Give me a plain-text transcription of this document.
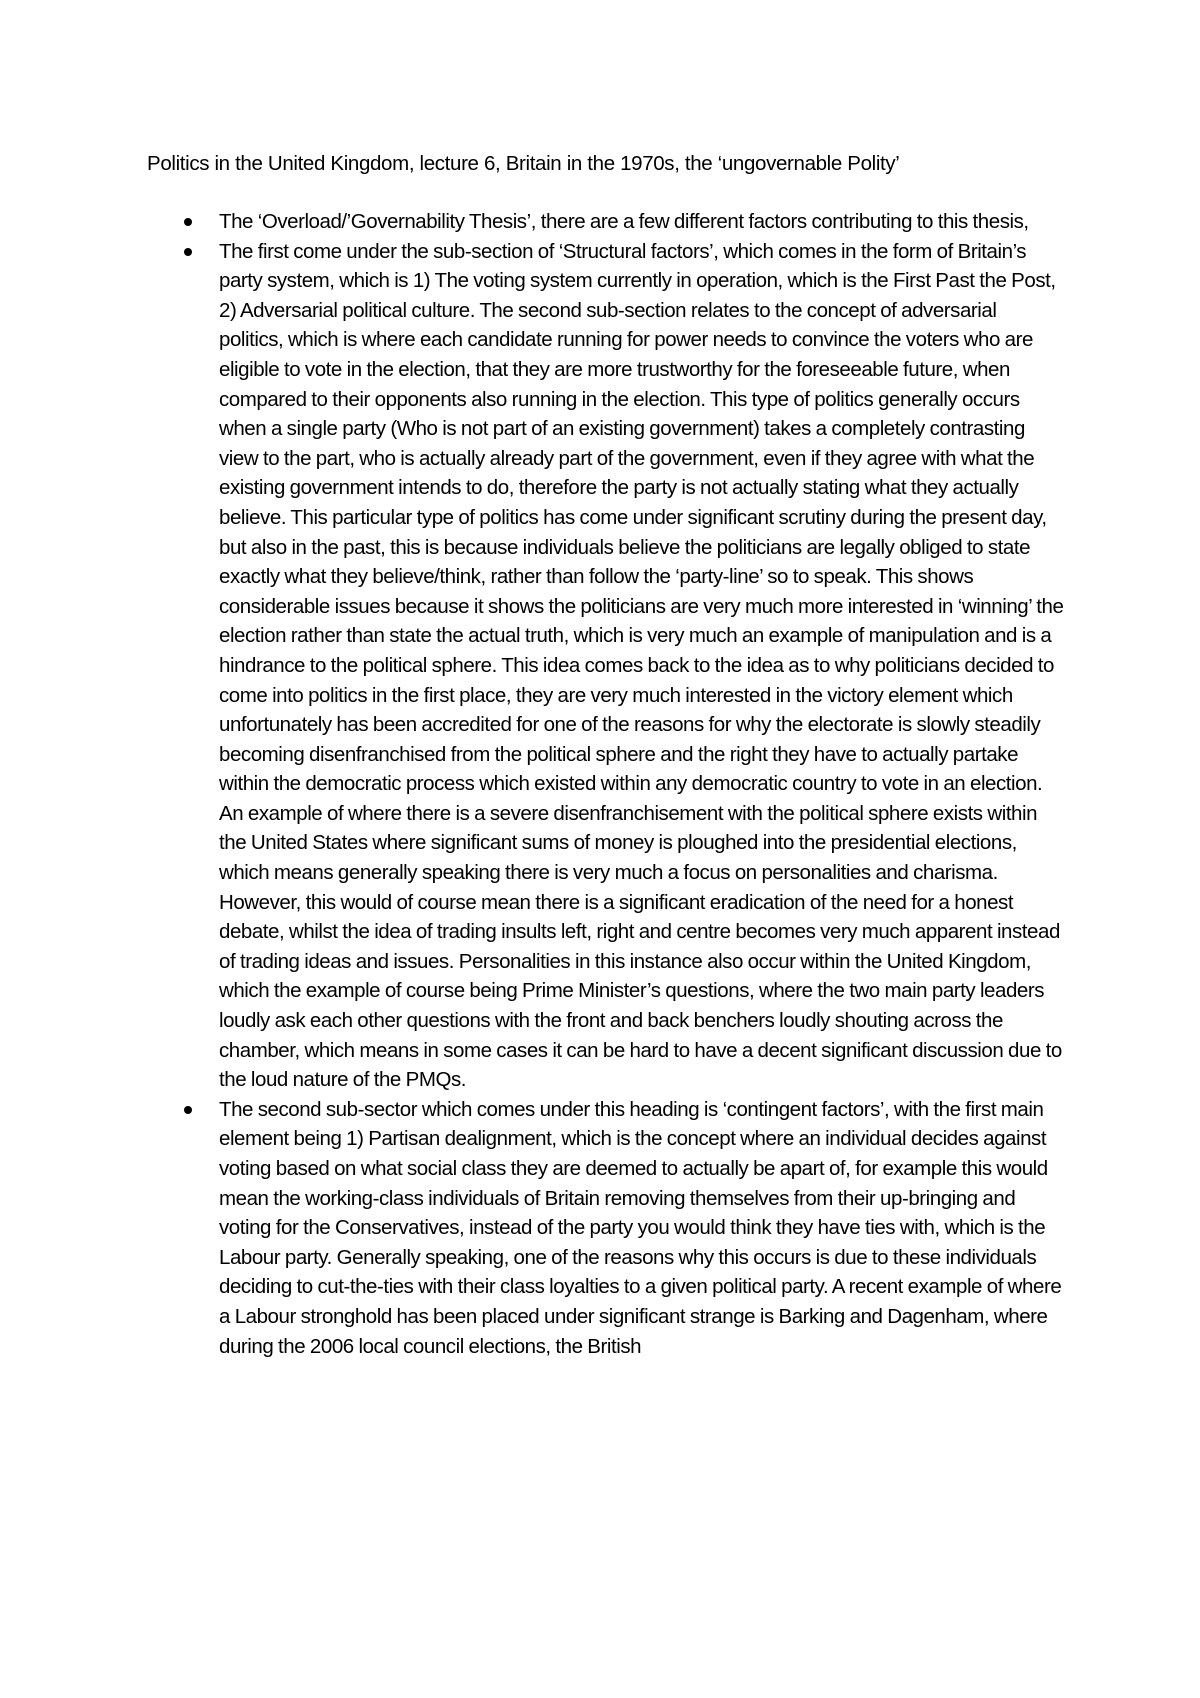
Politics in the United Kingdom, lecture 6, Britain in the 1970s, the ‘ungovernable Polity’
The ‘Overload/’Governability Thesis’, there are a few different factors contributing to this thesis,
The first come under the sub-section of ‘Structural factors’, which comes in the form of Britain’s party system, which is 1) The voting system currently in operation, which is the First Past the Post, 2) Adversarial political culture. The second sub-section relates to the concept of adversarial politics, which is where each candidate running for power needs to convince the voters who are eligible to vote in the election, that they are more trustworthy for the foreseeable future, when compared to their opponents also running in the election. This type of politics generally occurs when a single party (Who is not part of an existing government) takes a completely contrasting view to the part, who is actually already part of the government, even if they agree with what the existing government intends to do, therefore the party is not actually stating what they actually believe. This particular type of politics has come under significant scrutiny during the present day, but also in the past, this is because individuals believe the politicians are legally obliged to state exactly what they believe/think, rather than follow the ‘party-line’ so to speak. This shows considerable issues because it shows the politicians are very much more interested in ‘winning’ the election rather than state the actual truth, which is very much an example of manipulation and is a hindrance to the political sphere. This idea comes back to the idea as to why politicians decided to come into politics in the first place, they are very much interested in the victory element which unfortunately has been accredited for one of the reasons for why the electorate is slowly steadily becoming disenfranchised from the political sphere and the right they have to actually partake within the democratic process which existed within any democratic country to vote in an election. An example of where there is a severe disenfranchisement with the political sphere exists within the United States where significant sums of money is ploughed into the presidential elections, which means generally speaking there is very much a focus on personalities and charisma. However, this would of course mean there is a significant eradication of the need for a honest debate, whilst the idea of trading insults left, right and centre becomes very much apparent instead of trading ideas and issues. Personalities in this instance also occur within the United Kingdom, which the example of course being Prime Minister’s questions, where the two main party leaders loudly ask each other questions with the front and back benchers loudly shouting across the chamber, which means in some cases it can be hard to have a decent significant discussion due to the loud nature of the PMQs.
The second sub-sector which comes under this heading is ‘contingent factors’, with the first main element being 1) Partisan dealignment, which is the concept where an individual decides against voting based on what social class they are deemed to actually be apart of, for example this would mean the working-class individuals of Britain removing themselves from their up-bringing and voting for the Conservatives, instead of the party you would think they have ties with, which is the Labour party. Generally speaking, one of the reasons why this occurs is due to these individuals deciding to cut-the-ties with their class loyalties to a given political party. A recent example of where a Labour stronghold has been placed under significant strange is Barking and Dagenham, where during the 2006 local council elections, the British
